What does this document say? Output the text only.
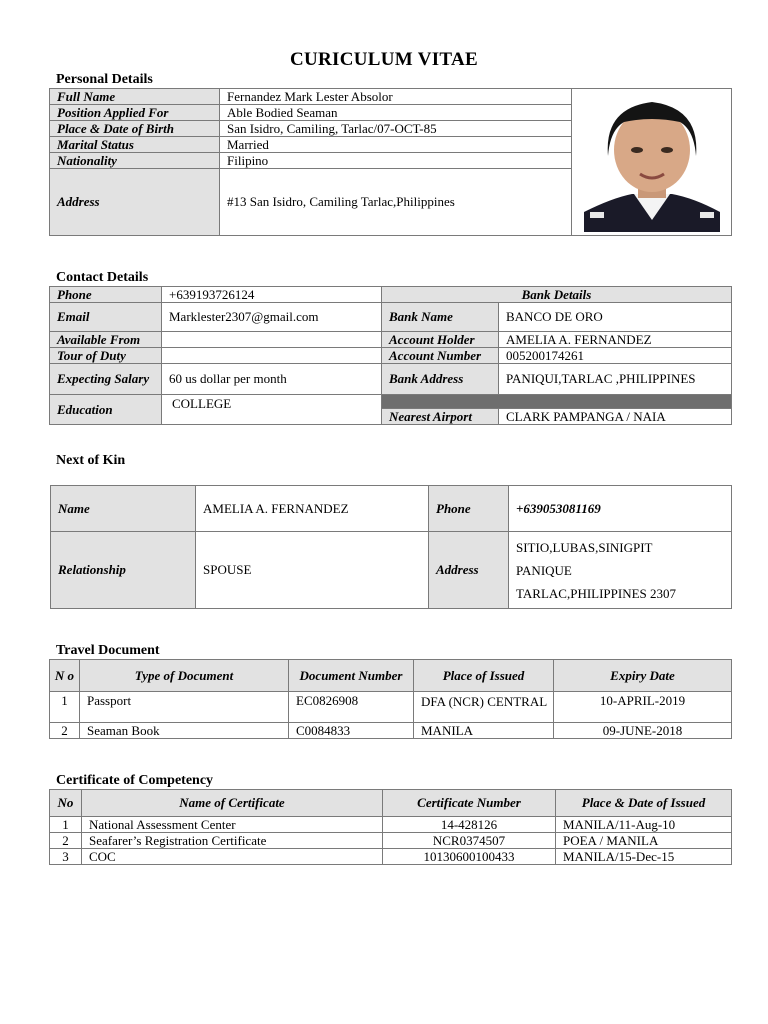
CURICULUM VITAE
Personal Details
Full Name	Fernandez Mark Lester Absolor	

Position Applied For	Able Bodied Seaman	
Place & Date of Birth	San Isidro, Camiling, Tarlac/07-OCT-85	
Marital Status	Married	
Nationality	Filipino	
Address	#13 San Isidro, Camiling Tarlac,Philippines	
Contact Details
Phone	+639193726124	Bank Details	
Email	Marklester2307@gmail.com	Bank Name	BANCO DE ORO
Available From		Account Holder	AMELIA A. FERNANDEZ
Tour of Duty		Account Number	005200174261
Expecting Salary	60 us dollar per month	Bank Address	PANIQUI,TARLAC ,PHILIPPINES
Education	COLLEGE		
		Nearest Airport	CLARK PAMPANGA / NAIA
Next of Kin
Name	AMELIA A. FERNANDEZ	Phone	+639053081169
Relationship	SPOUSE	Address	SITIO,LUBAS,SINIGPIT
PANIQUE
TARLAC,PHILIPPINES 2307
Travel Document
N o	Type of Document	Document Number	Place of Issued	Expiry Date
1	Passport	EC0826908	DFA (NCR) CENTRAL	10-APRIL-2019
2	Seaman Book	C0084833	MANILA	09-JUNE-2018
Certificate of Competency
No	Name of Certificate	Certificate Number	Place & Date of Issued
1	National Assessment Center	14-428126	MANILA/11-Aug-10
2	Seafarer’s Registration Certificate	NCR0374507	POEA / MANILA
3	COC	10130600100433	MANILA/15-Dec-15
